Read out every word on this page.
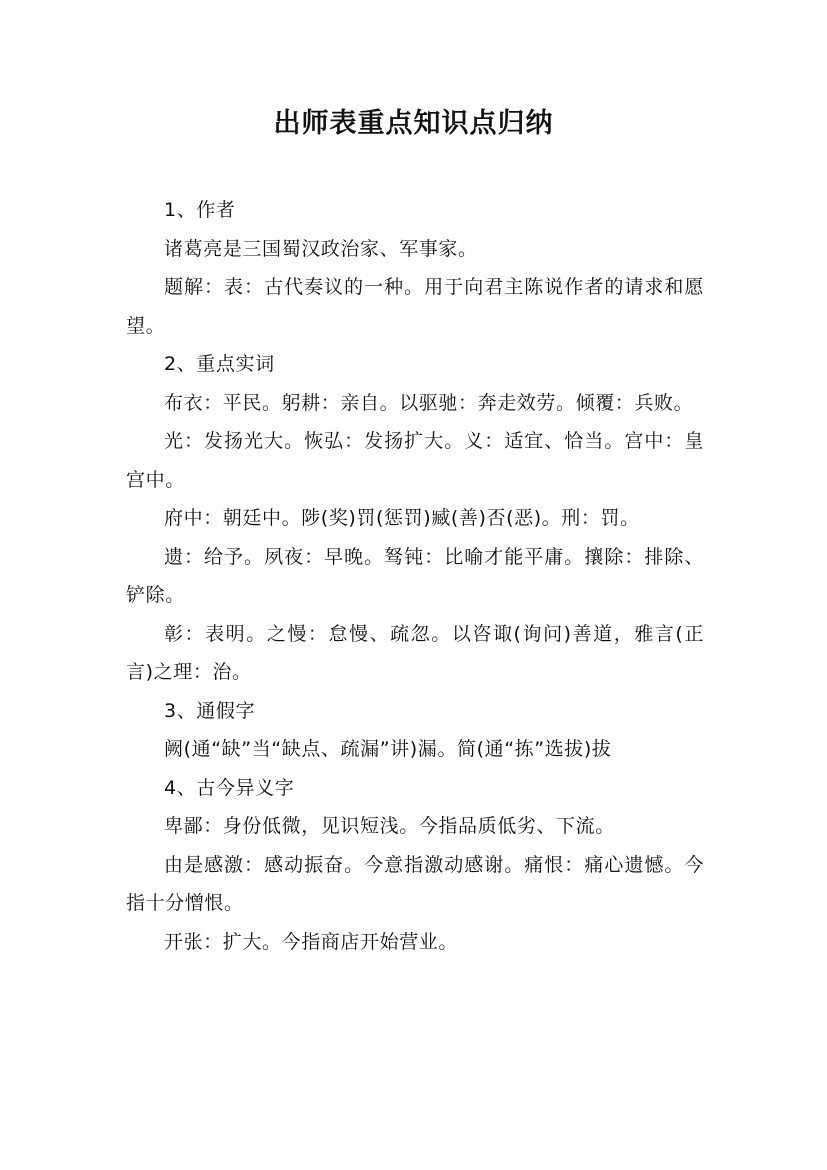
出师表重点知识点归纳

1、作者

诸葛亮是三国蜀汉政治家、军事家。

题解：表：古代奏议的一种。用于向君主陈说作者的请求和愿望。

2、重点实词

布衣：平民。躬耕：亲自。以驱驰：奔走效劳。倾覆：兵败。

光：发扬光大。恢弘：发扬扩大。义：适宜、恰当。宫中：皇宫中。

府中：朝廷中。陟(奖)罚(惩罚)臧(善)否(恶)。刑：罚。

遗：给予。夙夜：早晚。驽钝：比喻才能平庸。攘除：排除、铲除。

彰：表明。之慢：怠慢、疏忽。以咨诹(询问)善道，雅言(正言)之理：治。

3、通假字

阙(通“缺”当“缺点、疏漏”讲)漏。简(通“拣”选拔)拔

4、古今异义字

卑鄙：身份低微，见识短浅。今指品质低劣、下流。

由是感激：感动振奋。今意指激动感谢。痛恨：痛心遗憾。今指十分憎恨。

开张：扩大。今指商店开始营业。
